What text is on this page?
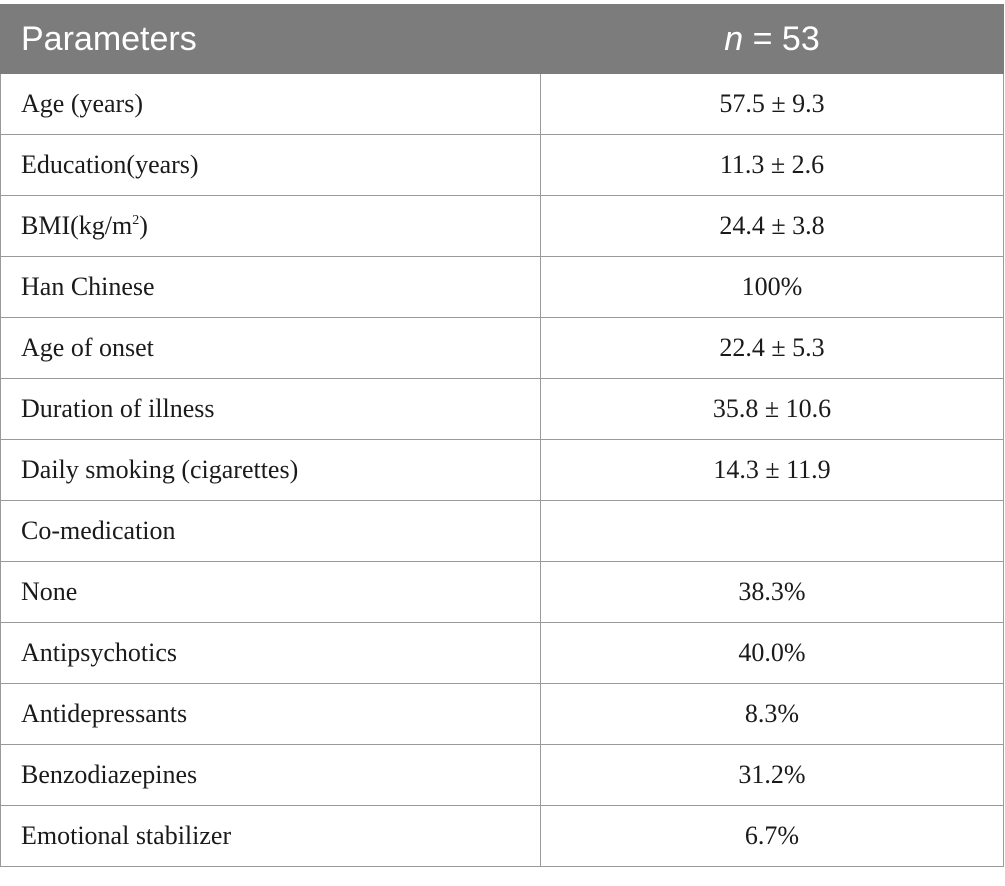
Parameters	n = 53
Age (years)	57.5 ± 9.3
Education(years)	11.3 ± 2.6
$BMI(kg/m^2)$	24.4 ± 3.8
Han Chinese	100%
Age of onset	22.4 ± 5.3
Duration of illness	35.8 ± 10.6
Daily smoking (cigarettes)	14.3 ± 11.9
Co-medication	
None	38.3%
Antipsychotics	40.0%
Antidepressants	8.3%
Benzodiazepines	31.2%
Emotional stabilizer	6.7%
